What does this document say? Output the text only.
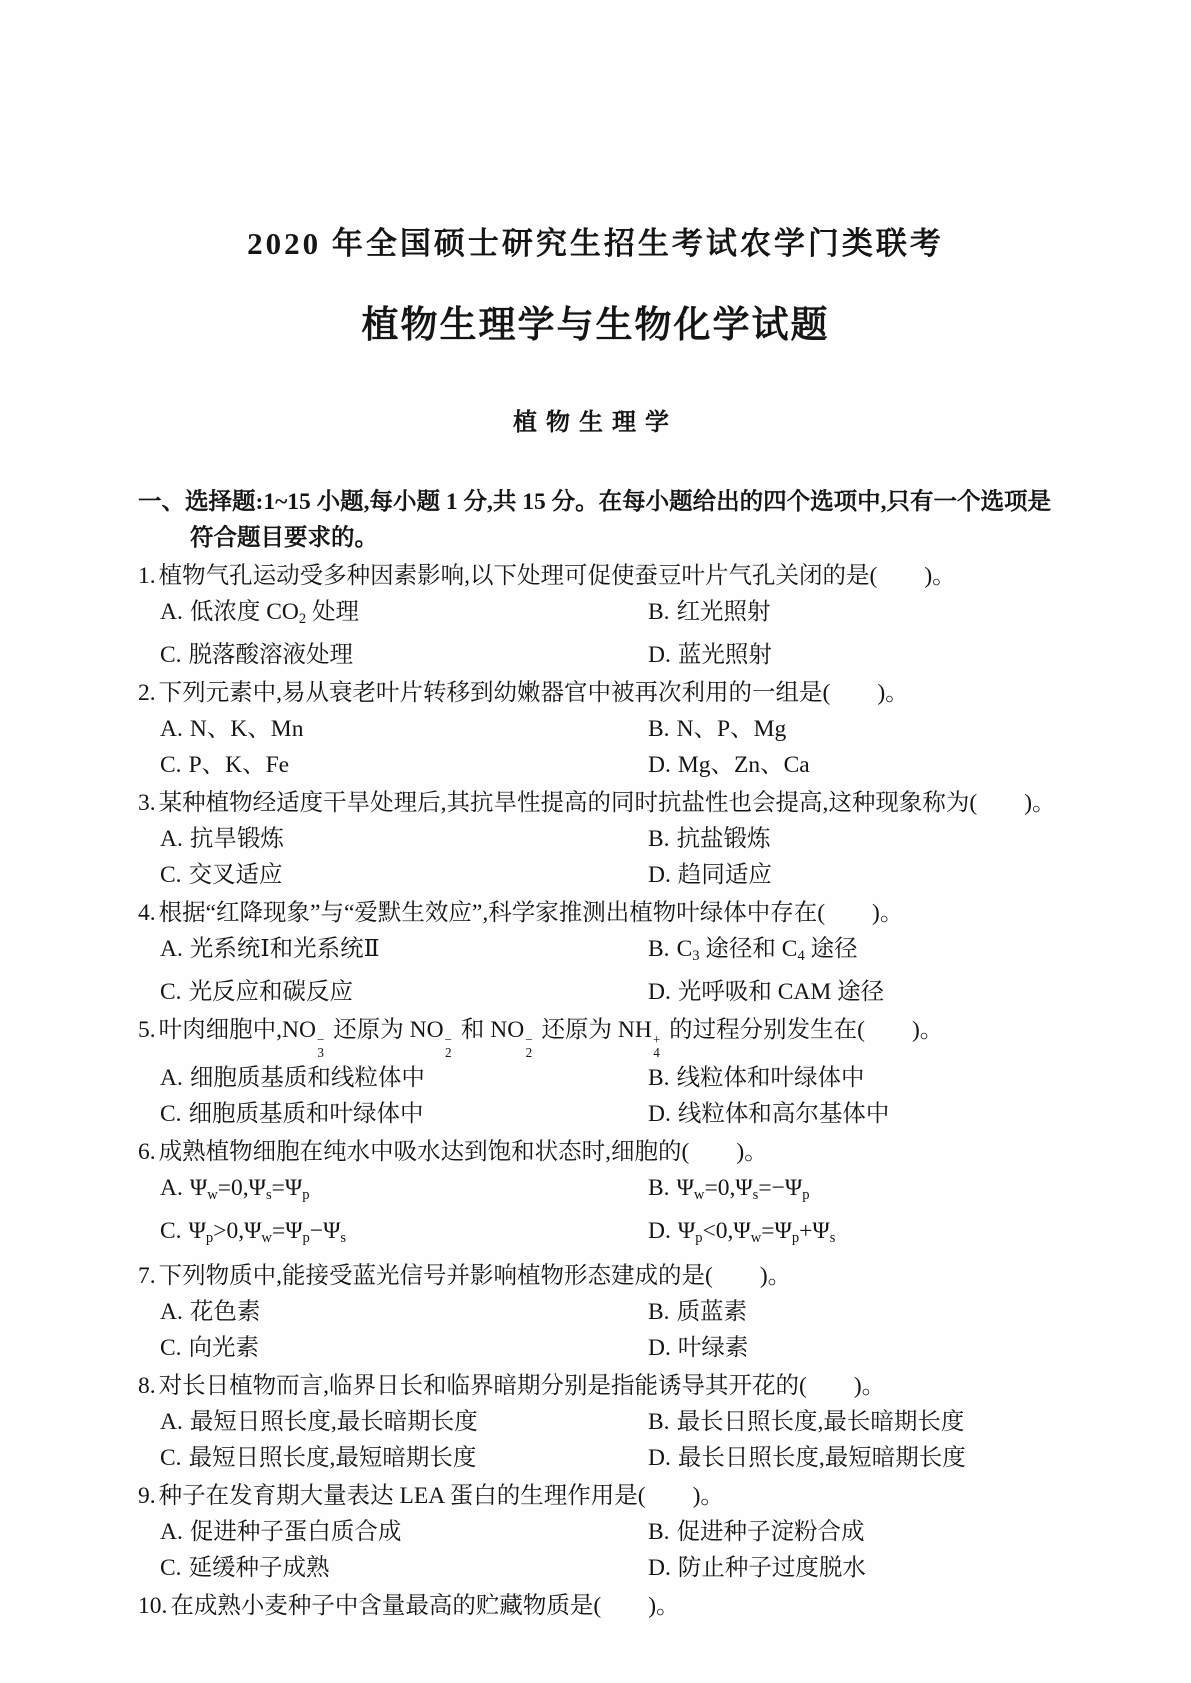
2020 年全国硕士研究生招生考试农学门类联考
植物生理学与生物化学试题
植物生理学
一、选择题:1~15 小题,每小题 1 分,共 15 分。在每小题给出的四个选项中,只有一个选项是
符合题目要求的。
1. 植物气孔运动受多种因素影响,以下处理可促使蚕豆叶片气孔关闭的是(　　)。
A. 低浓度 $CO_2$ 处理	B. 红光照射
C. 脱落酸溶液处理	D. 蓝光照射
2. 下列元素中,易从衰老叶片转移到幼嫩器官中被再次利用的一组是(　　)。
A. N、K、Mn	B. N、P、Mg
C. P、K、Fe	D. Mg、Zn、Ca
3. 某种植物经适度干旱处理后,其抗旱性提高的同时抗盐性也会提高,这种现象称为(　　)。
A. 抗旱锻炼	B. 抗盐锻炼
C. 交叉适应	D. 趋同适应
4. 根据“红降现象”与“爱默生效应”,科学家推测出植物叶绿体中存在(　　)。
A. 光系统Ⅰ和光系统Ⅱ	B. $C_3$ 途径和 $C_4$ 途径
C. 光反应和碳反应	D. 光呼吸和 CAM 途径
5. 叶肉细胞中,NO −
3
还原为 NO −
2
和 NO −
2
还原为 NH +
4
的过程分别发生在(　　)。
A. 细胞质基质和线粒体中	B. 线粒体和叶绿体中
C. 细胞质基质和叶绿体中	D. 线粒体和高尔基体中
6. 成熟植物细胞在纯水中吸水达到饱和状态时,细胞的(　　)。
A. $\Psi_w=0,\Psi_s=\Psi_p$	B. $\Psi_w=0,\Psi_s=-\Psi_p$
C. $\Psi_p>0,\Psi_w=\Psi_p-\Psi_s$	D. $\Psi_p<0,\Psi_w=\Psi_p+\Psi_s$
7. 下列物质中,能接受蓝光信号并影响植物形态建成的是(　　)。
A. 花色素	B. 质蓝素
C. 向光素	D. 叶绿素
8. 对长日植物而言,临界日长和临界暗期分别是指能诱导其开花的(　　)。
A. 最短日照长度,最长暗期长度	B. 最长日照长度,最长暗期长度
C. 最短日照长度,最短暗期长度	D. 最长日照长度,最短暗期长度
9. 种子在发育期大量表达 LEA 蛋白的生理作用是(　　)。
A. 促进种子蛋白质合成	B. 促进种子淀粉合成
C. 延缓种子成熟	D. 防止种子过度脱水
10. 在成熟小麦种子中含量最高的贮藏物质是(　　)。
